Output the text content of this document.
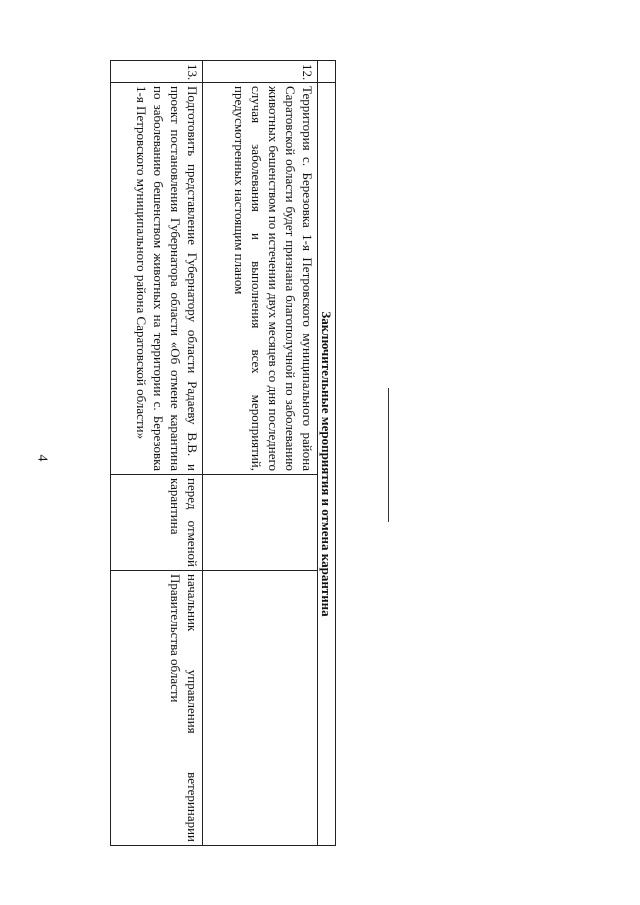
4
		Заключительные мероприятия и отмена карантина		
12.	Территория с. Березовка 1-я Петровского муниципального района Саратовской области будет признана благополучной по заболеванию животных бешенством по истечении двух месяцев со дня последнего случая заболевания и выполнения всех мероприятий, предусмотренных настоящим планом		
13.	Подготовить представление Губернатору области Радаеву В.В. и проект постановления Губернатора области «Об отмене карантина по заболеванию бешенством животных на территории с. Березовка 1-я Петровского муниципального района Саратовской области»	перед отменой карантина	начальник управления ветеринарии Правительства области
